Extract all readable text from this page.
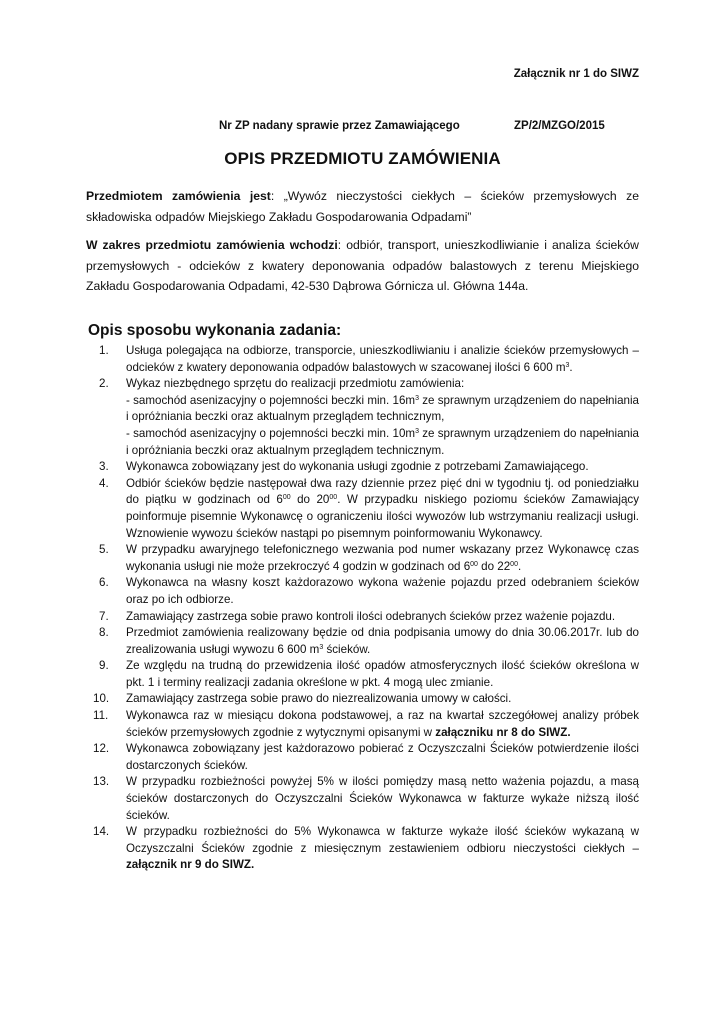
Załącznik nr 1 do SIWZ
Nr ZP nadany sprawie przez Zamawiającego	ZP/2/MZGO/2015
OPIS PRZEDMIOTU ZAMÓWIENIA
Przedmiotem zamówienia jest: „Wywóz nieczystości ciekłych – ścieków przemysłowych ze składowiska odpadów Miejskiego Zakładu Gospodarowania Odpadami”
W zakres przedmiotu zamówienia wchodzi: odbiór, transport, unieszkodliwianie i analiza ścieków przemysłowych - odcieków z kwatery deponowania odpadów balastowych z terenu Miejskiego Zakładu Gospodarowania Odpadami, 42-530 Dąbrowa Górnicza ul. Główna 144a.
Opis sposobu wykonania zadania:
1. Usługa polegająca na odbiorze, transporcie, unieszkodliwianiu i analizie ścieków przemysłowych – odcieków z kwatery deponowania odpadów balastowych w szacowanej ilości 6 600 $m^3$.
2. Wykaz niezbędnego sprzętu do realizacji przedmiotu zamówienia:
- samochód asenizacyjny o pojemności beczki min. $16m^3$ ze sprawnym urządzeniem do napełniania i opróżniania beczki oraz aktualnym przeglądem technicznym,
- samochód asenizacyjny o pojemności beczki min. $10m^3$ ze sprawnym urządzeniem do napełniania i opróżniania beczki oraz aktualnym przeglądem technicznym.
3. Wykonawca zobowiązany jest do wykonania usługi zgodnie z potrzebami Zamawiającego.
4. Odbiór ścieków będzie następował dwa razy dziennie przez pięć dni w tygodniu tj. od poniedziałku do piątku w godzinach od $6^{00}$ do $20^{00}$. W przypadku niskiego poziomu ścieków Zamawiający poinformuje pisemnie Wykonawcę o ograniczeniu ilości wywozów lub wstrzymaniu realizacji usługi. Wznowienie wywozu ścieków nastąpi po pisemnym poinformowaniu Wykonawcy.
5. W przypadku awaryjnego telefonicznego wezwania pod numer wskazany przez Wykonawcę czas wykonania usługi nie może przekroczyć 4 godzin w godzinach od $6^{00}$ do $22^{00}$.
6. Wykonawca na własny koszt każdorazowo wykona ważenie pojazdu przed odebraniem ścieków oraz po ich odbiorze.
7. Zamawiający zastrzega sobie prawo kontroli ilości odebranych ścieków przez ważenie pojazdu.
8. Przedmiot zamówienia realizowany będzie od dnia podpisania umowy do dnia 30.06.2017r. lub do zrealizowania usługi wywozu 6 600 $m^3$ ścieków.
9. Ze względu na trudną do przewidzenia ilość opadów atmosferycznych ilość ścieków określona w pkt. 1 i terminy realizacji zadania określone w pkt. 4 mogą ulec zmianie.
10. Zamawiający zastrzega sobie prawo do niezrealizowania umowy w całości.
11. Wykonawca raz w miesiącu dokona podstawowej, a raz na kwartał szczegółowej analizy próbek ścieków przemysłowych zgodnie z wytycznymi opisanymi w załączniku nr 8 do SIWZ.
12. Wykonawca zobowiązany jest każdorazowo pobierać z Oczyszczalni Ścieków potwierdzenie ilości dostarczonych ścieków.
13. W przypadku rozbieżności powyżej 5% w ilości pomiędzy masą netto ważenia pojazdu, a masą ścieków dostarczonych do Oczyszczalni Ścieków Wykonawca w fakturze wykaże niższą ilość ścieków.
14. W przypadku rozbieżności do 5% Wykonawca w fakturze wykaże ilość ścieków wykazaną w Oczyszczalni Ścieków zgodnie z miesięcznym zestawieniem odbioru nieczystości ciekłych – załącznik nr 9 do SIWZ.
